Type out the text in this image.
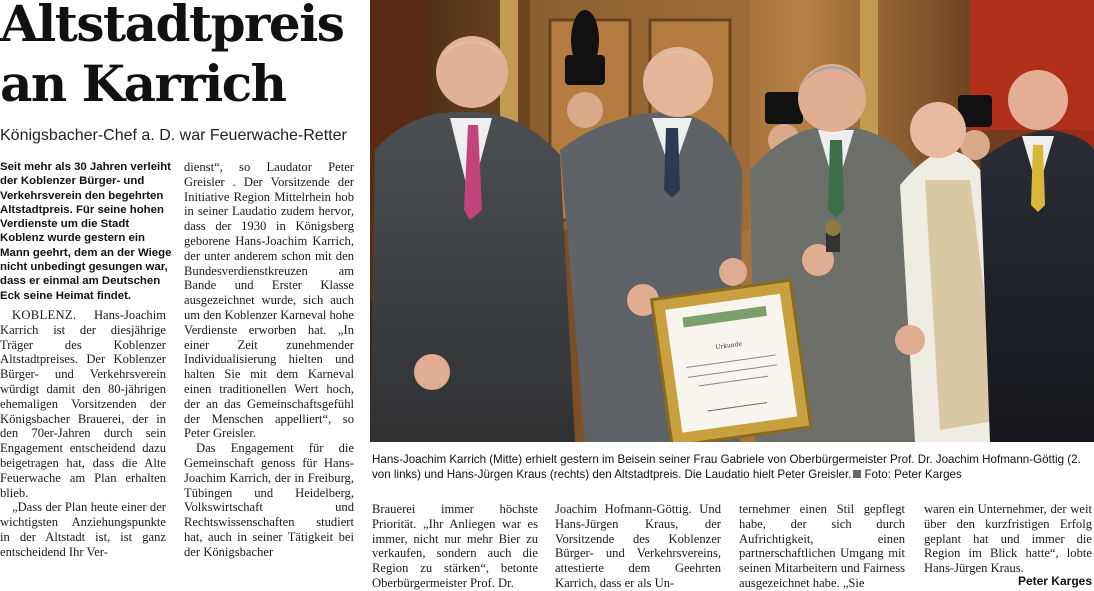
Altstadtpreis an Karrich
Königsbacher-Chef a. D. war Feuerwache-Retter
Seit mehr als 30 Jahren verleiht der Koblenzer Bürger- und Verkehrsverein den begehrten Altstadtpreis. Für seine hohen Verdienste um die Stadt Koblenz wurde gestern ein Mann geehrt, dem an der Wiege nicht unbedingt gesungen war, dass er einmal am Deutschen Eck seine Heimat findet.

KOBLENZ. Hans-Joachim Karrich ist der diesjährige Träger des Koblenzer Altstadtpreises. Der Koblenzer Bürger- und Verkehrsverein würdigt damit den 80-jährigen ehemaligen Vorsitzenden der Königsbacher Brauerei, der in den 70er-Jahren durch sein Engagement entscheidend dazu beigetragen hat, dass die Alte Feuerwache am Plan erhalten blieb.

„Dass der Plan heute einer der wichtigsten Anziehungspunkte in der Altstadt ist, ist ganz entscheidend Ihr Ver-

dienst“, so Laudator Peter Greisler . Der Vorsitzende der Initiative Region Mittelrhein hob in seiner Laudatio zudem hervor, dass der 1930 in Königsberg geborene Hans-Joachim Karrich, der unter anderem schon mit den Bundesverdienstkreuzen am Bande und Erster Klasse ausgezeichnet wurde, sich auch um den Koblenzer Karneval hohe Verdienste erworben hat. „In einer Zeit zunehmender Individualisierung hielten und halten Sie mit dem Karneval einen traditionellen Wert hoch, der an das Gemeinschaftsgefühl der Menschen appelliert“, so Peter Greisler.

Das Engagement für die Gemeinschaft genoss für Hans-Joachim Karrich, der in Freiburg, Tübingen und Heidelberg, Volkswirtschaft und Rechtswissenschaften studiert hat, auch in seiner Tätigkeit bei der Königsbacher

Urkunde
Hans-Joachim Karrich (Mitte) erhielt gestern im Beisein seiner Frau Gabriele von Oberbürgermeister Prof. Dr. Joachim Hofmann-Göttig (2. von links) und Hans-Jürgen Kraus (rechts) den Altstadtpreis. Die Laudatio hielt Peter Greisler. Foto: Peter Karges

Brauerei immer höchste Priorität. „Ihr Anliegen war es immer, nicht nur mehr Bier zu verkaufen, sondern auch die Region zu stärken“, betonte Oberbürgermeister Prof. Dr.

Joachim Hofmann-Göttig. Und Hans-Jürgen Kraus, der Vorsitzende des Koblenzer Bürger- und Verkehrsvereins, attestierte dem Geehrten Karrich, dass er als Un-

ternehmer einen Stil gepflegt habe, der sich durch Aufrichtigkeit, einen partnerschaftlichen Umgang mit seinen Mitarbeitern und Fairness ausgezeichnet habe. „Sie

waren ein Unternehmer, der weit über den kurzfristigen Erfolg geplant hat und immer die Region im Blick hatte“, lobte Hans-Jürgen Kraus.

Peter Karges
